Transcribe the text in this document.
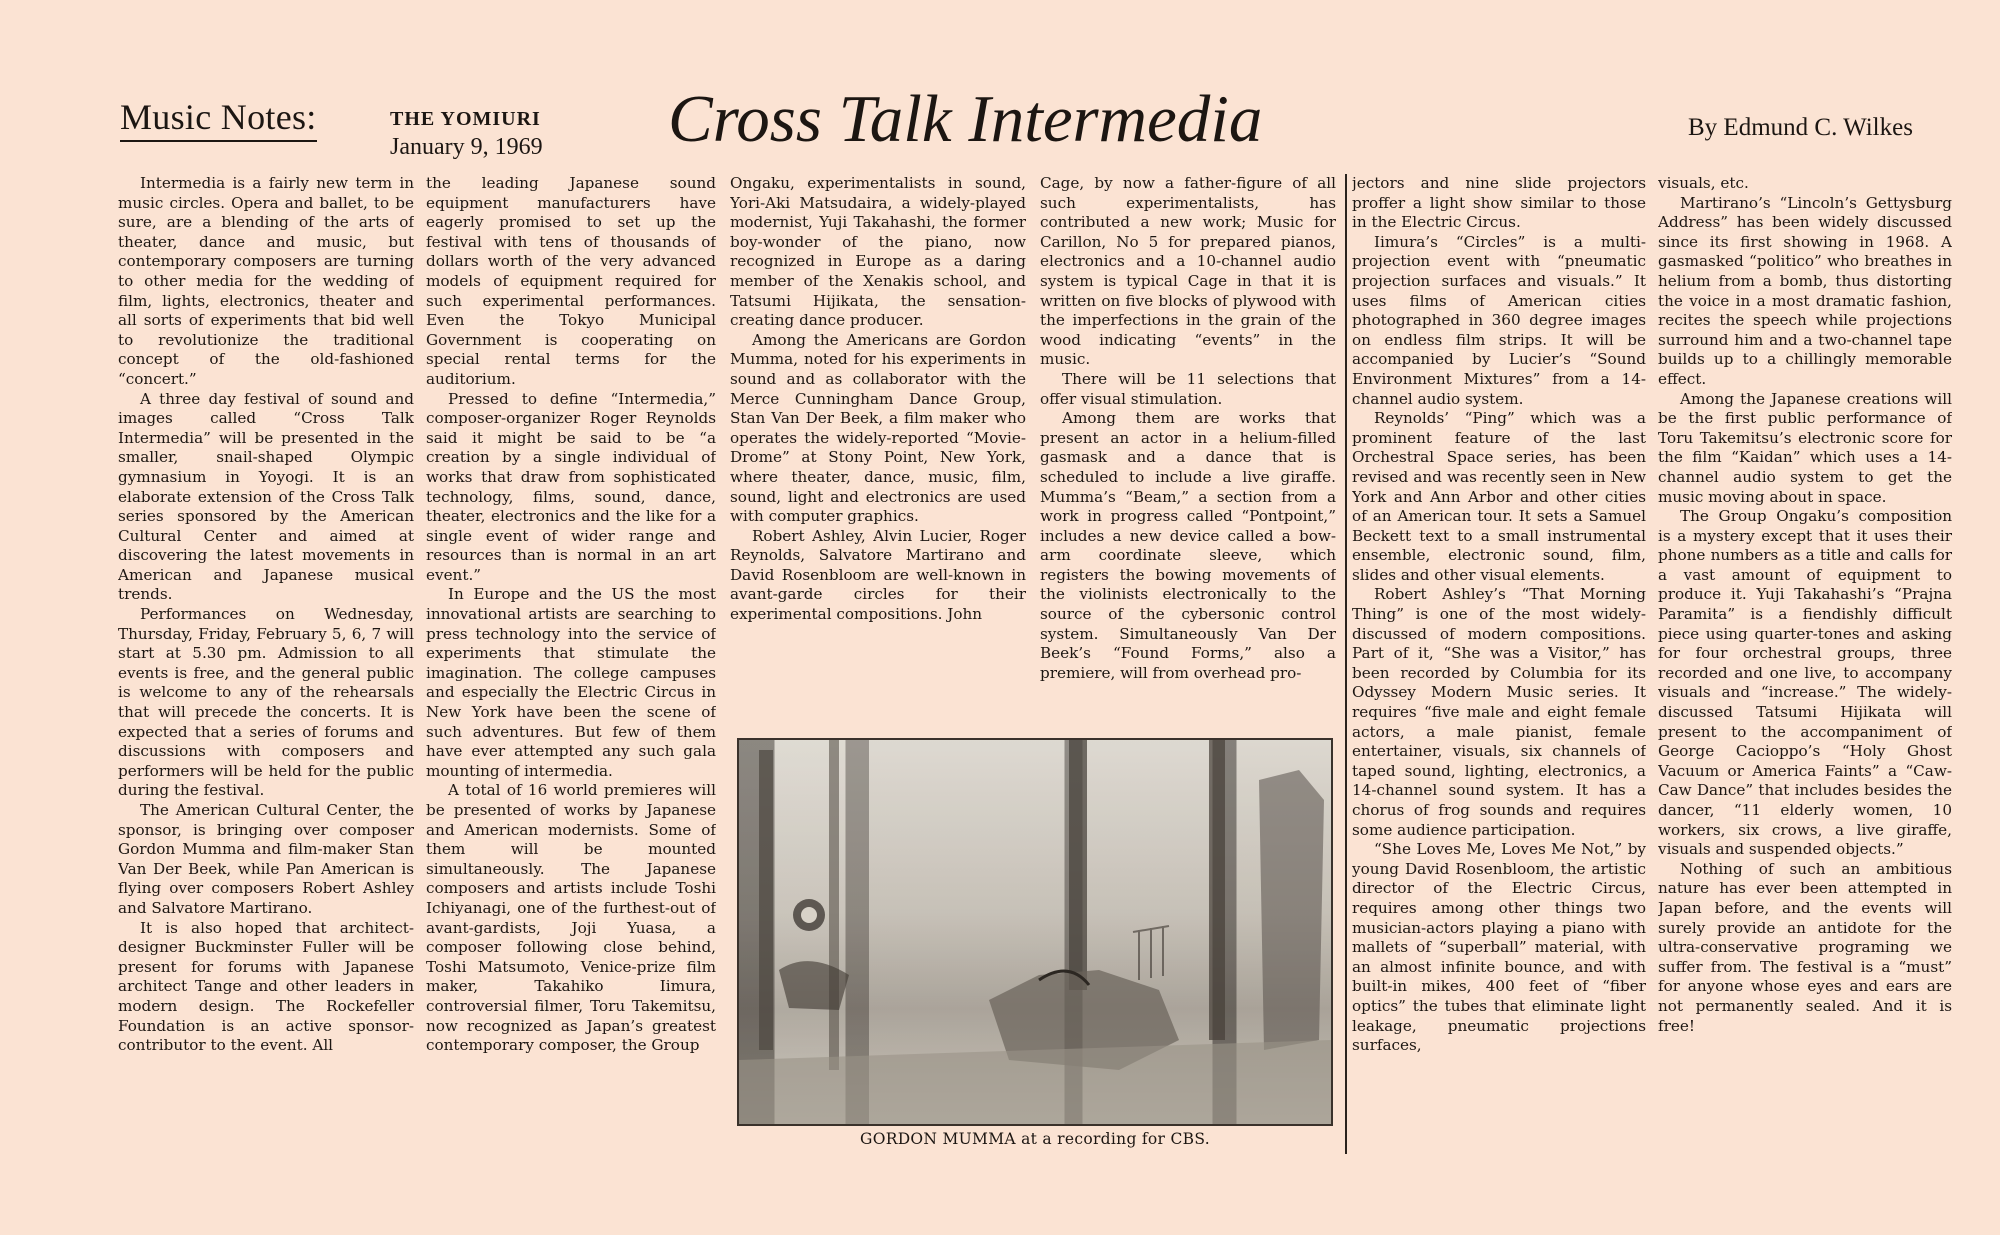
Music Notes:	THE YOMIURI
January 9, 1969 Cross Talk Intermedia	By Edmund C. Wilkes

Intermedia is a fairly new term in music circles. Opera and ballet, to be sure, are a blending of the arts of theater, dance and music, but contemporary composers are turning to other media for the wedding of film, lights, electronics, theater and all sorts of experiments that bid well to revolutionize the traditional concept of the old-fashioned “concert.”

A three day festival of sound and images called “Cross Talk Intermedia” will be presented in the smaller, snail-shaped Olympic gymnasium in Yoyogi. It is an elaborate extension of the Cross Talk series sponsored by the American Cultural Center and aimed at discovering the latest movements in American and Japanese musical trends.

Performances on Wednesday, Thursday, Friday, February 5, 6, 7 will start at 5.30 pm. Admission to all events is free, and the general public is welcome to any of the rehearsals that will precede the concerts. It is expected that a series of forums and discussions with composers and performers will be held for the public during the festival.

The American Cultural Center, the sponsor, is bringing over composer Gordon Mumma and film-maker Stan Van Der Beek, while Pan American is flying over composers Robert Ashley and Salvatore Martirano.

It is also hoped that architect-designer Buckminster Fuller will be present for forums with Japanese architect Tange and other leaders in modern design. The Rockefeller Foundation is an active sponsor-contributor to the event. All

the leading Japanese sound equipment manufacturers have eagerly promised to set up the festival with tens of thousands of dollars worth of the very advanced models of equipment required for such experimental performances. Even the Tokyo Municipal Government is cooperating on special rental terms for the auditorium.

Pressed to define “Intermedia,” composer-organizer Roger Reynolds said it might be said to be “a creation by a single individual of works that draw from sophisticated technology, films, sound, dance, theater, electronics and the like for a single event of wider range and resources than is normal in an art event.”

In Europe and the US the most innovational artists are searching to press technology into the service of experiments that stimulate the imagination. The college campuses and especially the Electric Circus in New York have been the scene of such adventures. But few of them have ever attempted any such gala mounting of intermedia.

A total of 16 world premieres will be presented of works by Japanese and American modernists. Some of them will be mounted simultaneously. The Japanese composers and artists include Toshi Ichiyanagi, one of the furthest-out of avant-gardists, Joji Yuasa, a composer following close behind, Toshi Matsumoto, Venice-prize film maker, Takahiko Iimura, controversial filmer, Toru Takemitsu, now recognized as Japan’s greatest contemporary composer, the Group

Ongaku, experimentalists in sound, Yori-Aki Matsudaira, a widely-played modernist, Yuji Takahashi, the former boy-wonder of the piano, now recognized in Europe as a daring member of the Xenakis school, and Tatsumi Hijikata, the sensation-creating dance producer.

Among the Americans are Gordon Mumma, noted for his experiments in sound and as collaborator with the Merce Cunningham Dance Group, Stan Van Der Beek, a film maker who operates the widely-reported “Movie-Drome” at Stony Point, New York, where theater, dance, music, film, sound, light and electronics are used with computer graphics.

Robert Ashley, Alvin Lucier, Roger Reynolds, Salvatore Martirano and David Rosenbloom are well-known in avant-garde circles for their experimental compositions. John

Cage, by now a father-figure of all such experimentalists, has contributed a new work; Music for Carillon, No 5 for prepared pianos, electronics and a 10-channel audio system is typical Cage in that it is written on five blocks of plywood with the imperfections in the grain of the wood indicating “events” in the music.

There will be 11 selections that offer visual stimulation.

Among them are works that present an actor in a helium-filled gasmask and a dance that is scheduled to include a live giraffe. Mumma’s “Beam,” a section from a work in progress called “Pontpoint,” includes a new device called a bow-arm coordinate sleeve, which registers the bowing movements of the violinists electronically to the source of the cybersonic control system. Simultaneously Van Der Beek’s “Found Forms,” also a premiere, will from overhead pro-

jectors and nine slide projectors proffer a light show similar to those in the Electric Circus.

Iimura’s “Circles” is a multi-projection event with “pneumatic projection surfaces and visuals.” It uses films of American cities photographed in 360 degree images on endless film strips. It will be accompanied by Lucier’s “Sound Environment Mixtures” from a 14-channel audio system.

Reynolds’ “Ping” which was a prominent feature of the last Orchestral Space series, has been revised and was recently seen in New York and Ann Arbor and other cities of an American tour. It sets a Samuel Beckett text to a small instrumental ensemble, electronic sound, film, slides and other visual elements.

Robert Ashley’s “That Morning Thing” is one of the most widely-discussed of modern compositions. Part of it, “She was a Visitor,” has been recorded by Columbia for its Odyssey Modern Music series. It requires “five male and eight female actors, a male pianist, female entertainer, visuals, six channels of taped sound, lighting, electronics, a 14-channel sound system. It has a chorus of frog sounds and requires some audience participation.

“She Loves Me, Loves Me Not,” by young David Rosenbloom, the artistic director of the Electric Circus, requires among other things two musician-actors playing a piano with mallets of “superball” material, with an almost infinite bounce, and with built-in mikes, 400 feet of “fiber optics” the tubes that eliminate light leakage, pneumatic projections surfaces,

visuals, etc.

Martirano’s “Lincoln’s Gettysburg Address” has been widely discussed since its first showing in 1968. A gasmasked “politico” who breathes in helium from a bomb, thus distorting the voice in a most dramatic fashion, recites the speech while projections surround him and a two-channel tape builds up to a chillingly memorable effect.

Among the Japanese creations will be the first public performance of Toru Takemitsu’s electronic score for the film “Kaidan” which uses a 14-channel audio system to get the music moving about in space.

The Group Ongaku’s composition is a mystery except that it uses their phone numbers as a title and calls for a vast amount of equipment to produce it. Yuji Takahashi’s “Prajna Paramita” is a fiendishly difficult piece using quarter-tones and asking for four orchestral groups, three recorded and one live, to accompany visuals and “increase.” The widely-discussed Tatsumi Hijikata will present to the accompaniment of George Cacioppo’s “Holy Ghost Vacuum or America Faints” a “Caw-Caw Dance” that includes besides the dancer, “11 elderly women, 10 workers, six crows, a live giraffe, visuals and suspended objects.”

Nothing of such an ambitious nature has ever been attempted in Japan before, and the events will surely provide an antidote for the ultra-conservative programing we suffer from. The festival is a “must” for anyone whose eyes and ears are not permanently sealed. And it is free!

GORDON MUMMA at a recording for CBS.
